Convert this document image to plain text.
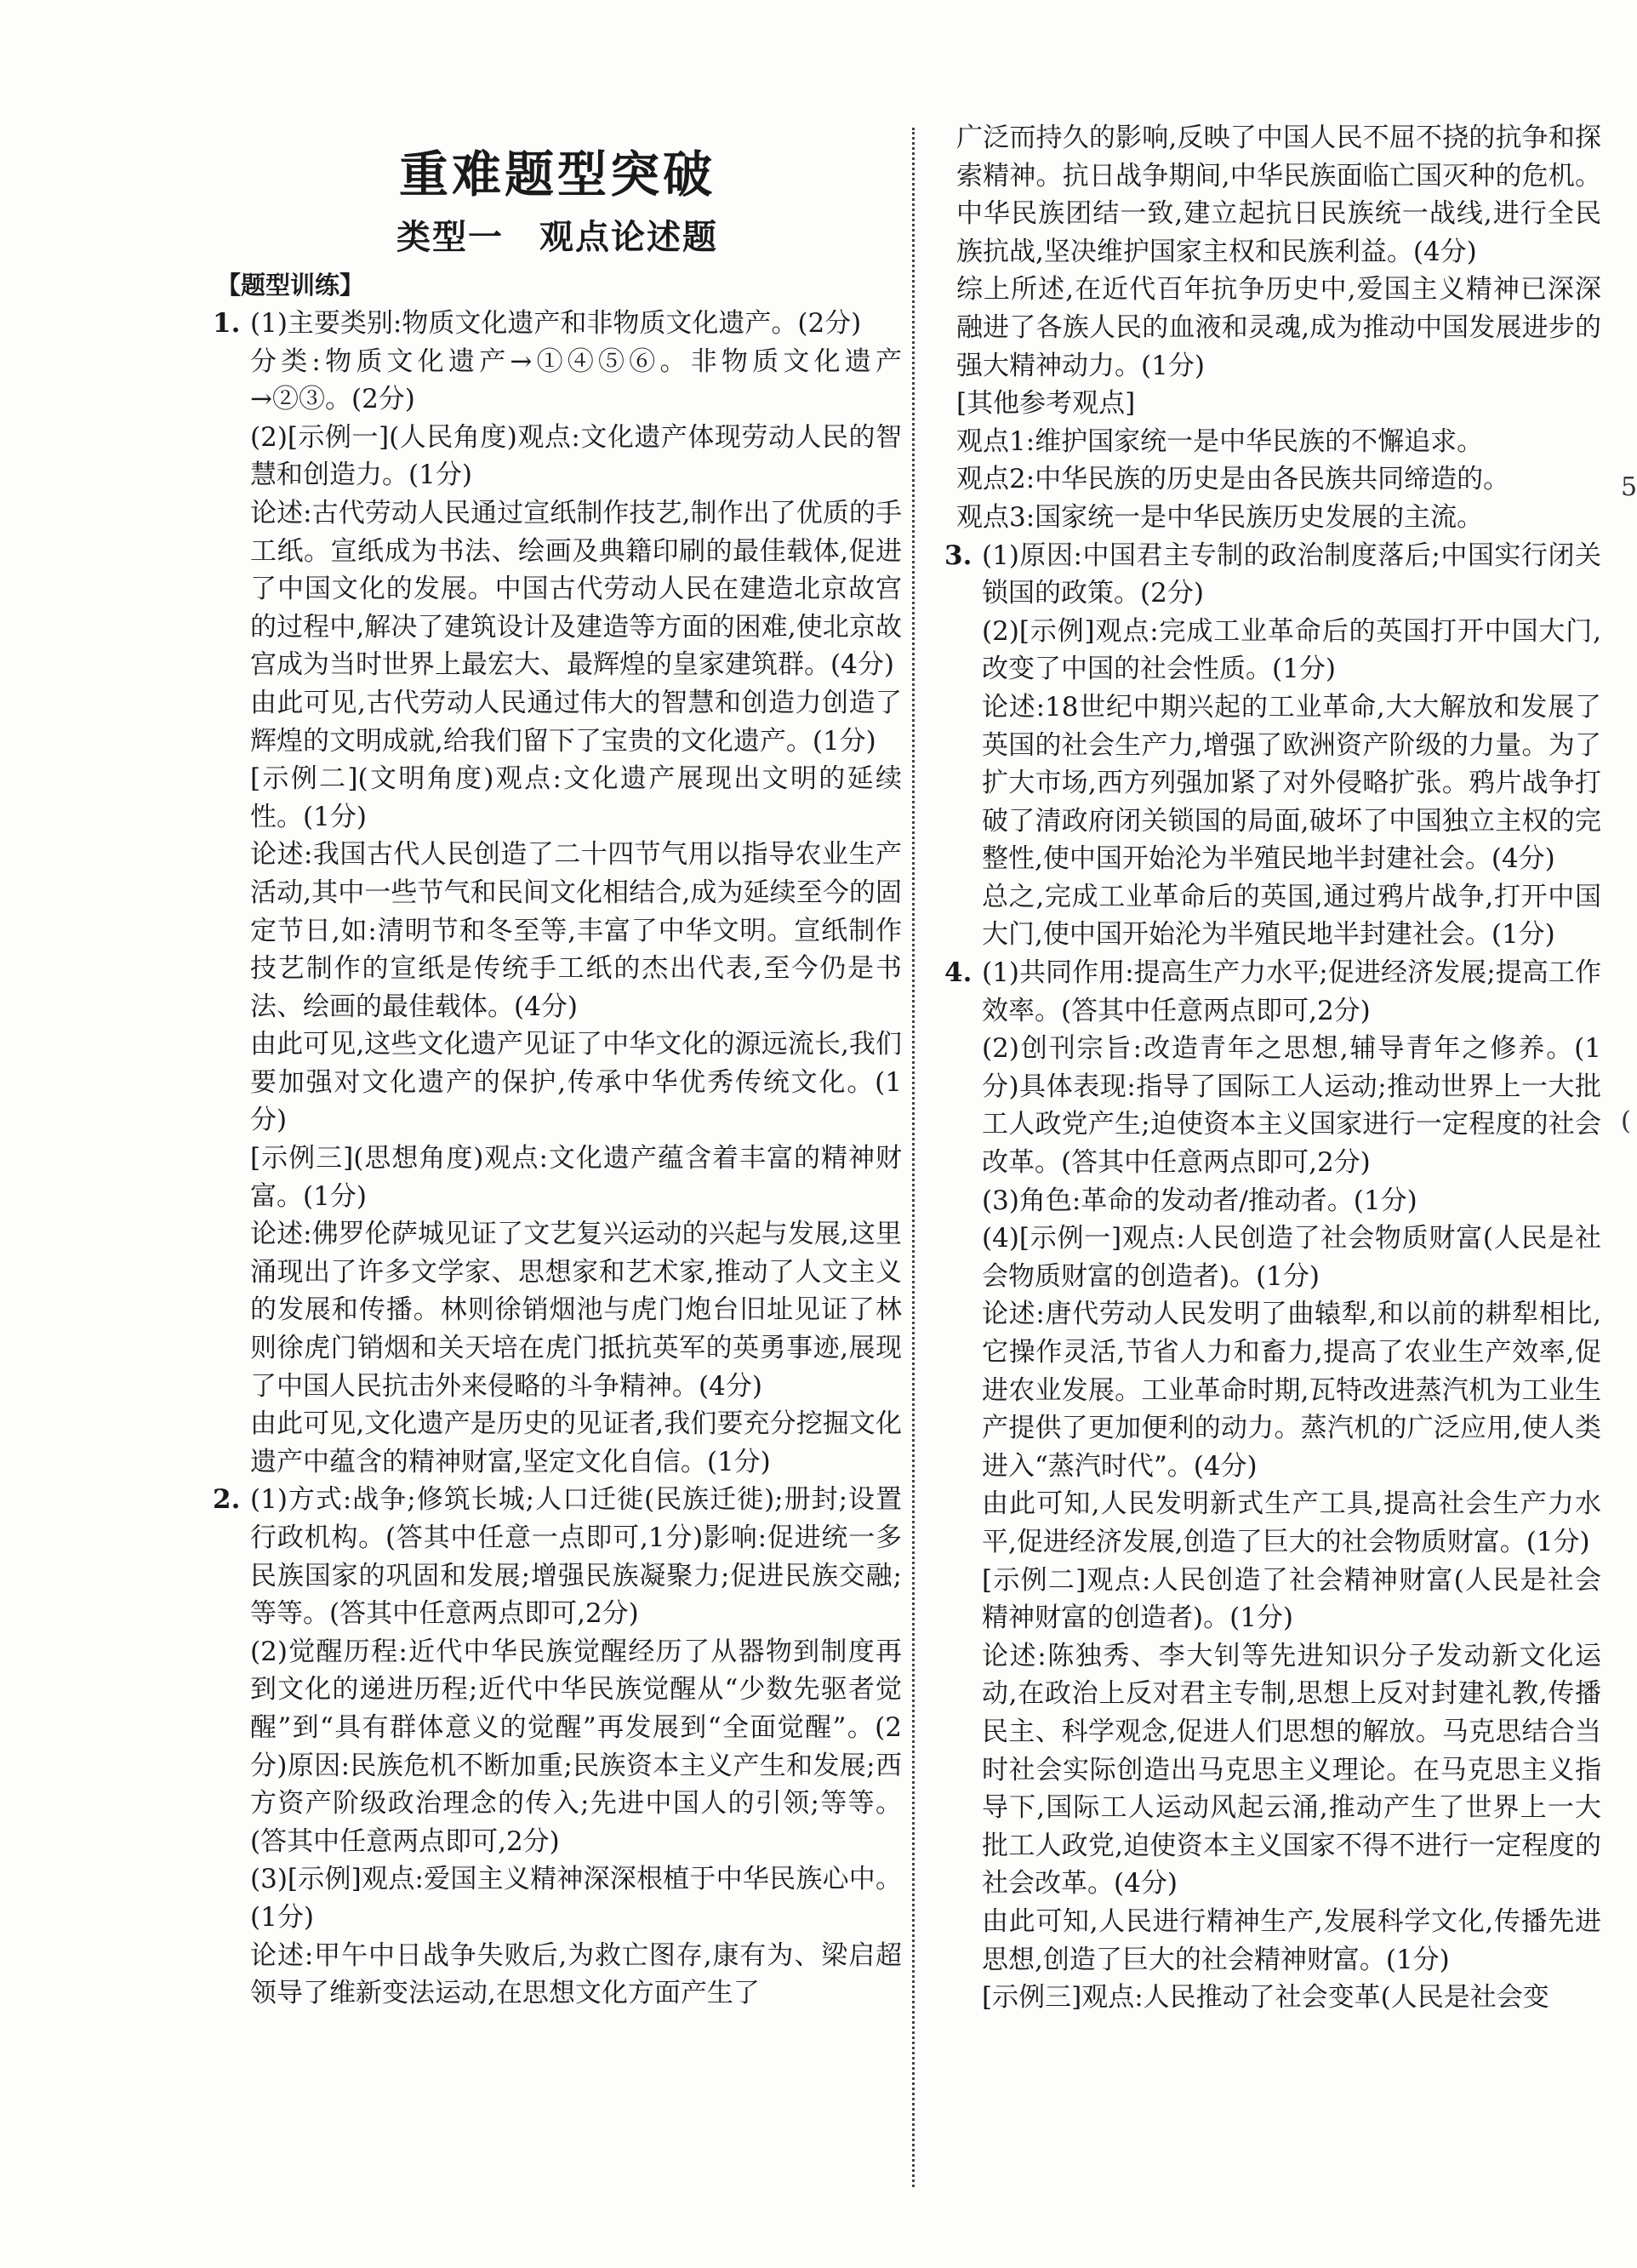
重难题型突破
类型一　观点论述题
【题型训练】
1. (1)主要类别:物质文化遗产和非物质文化遗产。(2分)

分类:物质文化遗产→①④⑤⑥。非物质文化遗产→②③。(2分)

(2)[示例一](人民角度)观点:文化遗产体现劳动人民的智慧和创造力。(1分)

论述:古代劳动人民通过宣纸制作技艺,制作出了优质的手工纸。宣纸成为书法、绘画及典籍印刷的最佳载体,促进了中国文化的发展。中国古代劳动人民在建造北京故宫的过程中,解决了建筑设计及建造等方面的困难,使北京故宫成为当时世界上最宏大、最辉煌的皇家建筑群。(4分)

由此可见,古代劳动人民通过伟大的智慧和创造力创造了辉煌的文明成就,给我们留下了宝贵的文化遗产。(1分)

[示例二](文明角度)观点:文化遗产展现出文明的延续性。(1分)

论述:我国古代人民创造了二十四节气用以指导农业生产活动,其中一些节气和民间文化相结合,成为延续至今的固定节日,如:清明节和冬至等,丰富了中华文明。宣纸制作技艺制作的宣纸是传统手工纸的杰出代表,至今仍是书法、绘画的最佳载体。(4分)

由此可见,这些文化遗产见证了中华文化的源远流长,我们要加强对文化遗产的保护,传承中华优秀传统文化。(1分)

[示例三](思想角度)观点:文化遗产蕴含着丰富的精神财富。(1分)

论述:佛罗伦萨城见证了文艺复兴运动的兴起与发展,这里涌现出了许多文学家、思想家和艺术家,推动了人文主义的发展和传播。林则徐销烟池与虎门炮台旧址见证了林则徐虎门销烟和关天培在虎门抵抗英军的英勇事迹,展现了中国人民抗击外来侵略的斗争精神。(4分)

由此可见,文化遗产是历史的见证者,我们要充分挖掘文化遗产中蕴含的精神财富,坚定文化自信。(1分)

2. (1)方式:战争;修筑长城;人口迁徙(民族迁徙);册封;设置行政机构。(答其中任意一点即可,1分)影响:促进统一多民族国家的巩固和发展;增强民族凝聚力;促进民族交融;等等。(答其中任意两点即可,2分)

(2)觉醒历程:近代中华民族觉醒经历了从器物到制度再到文化的递进历程;近代中华民族觉醒从“少数先驱者觉醒”到“具有群体意义的觉醒”再发展到“全面觉醒”。(2分)原因:民族危机不断加重;民族资本主义产生和发展;西方资产阶级政治理念的传入;先进中国人的引领;等等。(答其中任意两点即可,2分)

(3)[示例]观点:爱国主义精神深深根植于中华民族心中。(1分)

论述:甲午中日战争失败后,为救亡图存,康有为、梁启超领导了维新变法运动,在思想文化方面产生了

广泛而持久的影响,反映了中国人民不屈不挠的抗争和探索精神。抗日战争期间,中华民族面临亡国灭种的危机。中华民族团结一致,建立起抗日民族统一战线,进行全民族抗战,坚决维护国家主权和民族利益。(4分)

综上所述,在近代百年抗争历史中,爱国主义精神已深深融进了各族人民的血液和灵魂,成为推动中国发展进步的强大精神动力。(1分)

[其他参考观点]

观点1:维护国家统一是中华民族的不懈追求。

观点2:中华民族的历史是由各民族共同缔造的。

观点3:国家统一是中华民族历史发展的主流。

3. (1)原因:中国君主专制的政治制度落后;中国实行闭关锁国的政策。(2分)

(2)[示例]观点:完成工业革命后的英国打开中国大门,改变了中国的社会性质。(1分)

论述:18世纪中期兴起的工业革命,大大解放和发展了英国的社会生产力,增强了欧洲资产阶级的力量。为了扩大市场,西方列强加紧了对外侵略扩张。鸦片战争打破了清政府闭关锁国的局面,破坏了中国独立主权的完整性,使中国开始沦为半殖民地半封建社会。(4分)

总之,完成工业革命后的英国,通过鸦片战争,打开中国大门,使中国开始沦为半殖民地半封建社会。(1分)

4. (1)共同作用:提高生产力水平;促进经济发展;提高工作效率。(答其中任意两点即可,2分)

(2)创刊宗旨:改造青年之思想,辅导青年之修养。(1分)具体表现:指导了国际工人运动;推动世界上一大批工人政党产生;迫使资本主义国家进行一定程度的社会改革。(答其中任意两点即可,2分)

(3)角色:革命的发动者/推动者。(1分)

(4)[示例一]观点:人民创造了社会物质财富(人民是社会物质财富的创造者)。(1分)

论述:唐代劳动人民发明了曲辕犁,和以前的耕犁相比,它操作灵活,节省人力和畜力,提高了农业生产效率,促进农业发展。工业革命时期,瓦特改进蒸汽机为工业生产提供了更加便利的动力。蒸汽机的广泛应用,使人类进入“蒸汽时代”。(4分)

由此可知,人民发明新式生产工具,提高社会生产力水平,促进经济发展,创造了巨大的社会物质财富。(1分)

[示例二]观点:人民创造了社会精神财富(人民是社会精神财富的创造者)。(1分)

论述:陈独秀、李大钊等先进知识分子发动新文化运动,在政治上反对君主专制,思想上反对封建礼教,传播民主、科学观念,促进人们思想的解放。马克思结合当时社会实际创造出马克思主义理论。在马克思主义指导下,国际工人运动风起云涌,推动产生了世界上一大批工人政党,迫使资本主义国家不得不进行一定程度的社会改革。(4分)

由此可知,人民进行精神生产,发展科学文化,传播先进思想,创造了巨大的社会精神财富。(1分)

[示例三]观点:人民推动了社会变革(人民是社会变

5
(
